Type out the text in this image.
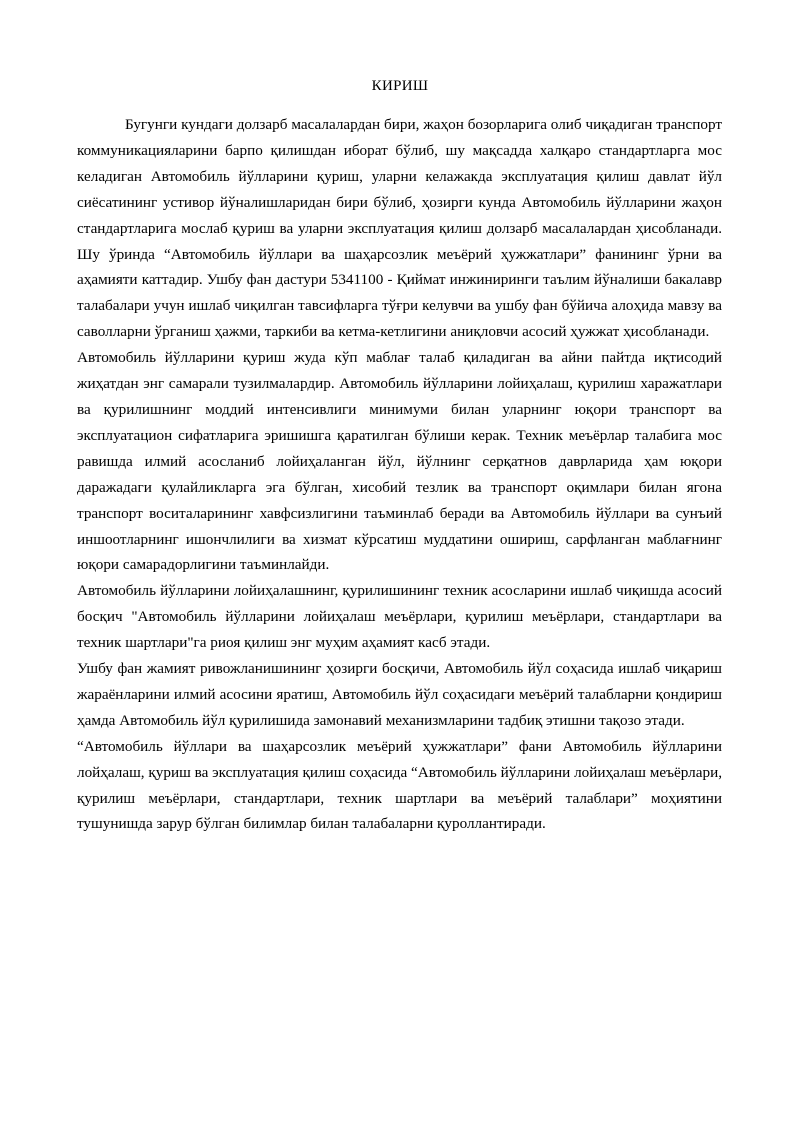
КИРИШ

Бугунги кундаги долзарб масалалардан бири, жаҳон бозорларига олиб чиқадиган транспорт коммуникацияларини барпо қилишдан иборат бўлиб, шу мақсадда халқаро стандартларга мос келадиган Автомобиль йўлларини қуриш, уларни келажакда эксплуатация қилиш давлат йўл сиёсатининг устивор йўналишларидан бири бўлиб, ҳозирги кунда Автомобиль йўлларини жаҳон стандартларига мослаб қуриш ва уларни эксплуатация қилиш долзарб масалалардан ҳисобланади. Шу ўринда “Автомобиль йўллари ва шаҳарсозлик меъёрий ҳужжатлари” фанининг ўрни ва аҳамияти каттадир. Ушбу фан дастури 5341100 - Қиймат инжиниринги таълим йўналиши бакалавр талабалари учун ишлаб чиқилган тавсифларга тўғри келувчи ва ушбу фан бўйича алоҳида мавзу ва саволларни ўрганиш ҳажми, таркиби ва кетма-кетлигини аниқловчи асосий ҳужжат ҳисобланади.

Автомобиль йўлларини қуриш жуда кўп маблағ талаб қиладиган ва айни пайтда иқтисодий жиҳатдан энг самарали тузилмалардир. Автомобиль йўлларини лойиҳалаш, қурилиш харажатлари ва қурилишнинг моддий интенсивлиги минимуми билан уларнинг юқори транспорт ва эксплуатацион сифатларига эришишга қаратилган бўлиши керак. Техник меъёрлар талабига мос равишда илмий асосланиб лойиҳаланган йўл, йўлнинг серқатнов даврларида ҳам юқори даражадаги қулайликларга эга бўлган, хисобий тезлик ва транспорт оқимлари билан ягона транспорт воситаларининг хавфсизлигини таъминлаб беради ва Автомобиль йўллари ва сунъий иншоотларнинг ишончлилиги ва хизмат кўрсатиш муддатини ошириш, сарфланган маблағнинг юқори самарадорлигини таъминлайди.

Автомобиль йўлларини лойиҳалашнинг, қурилишининг техник асосларини ишлаб чиқишда асосий босқич "Автомобиль йўлларини лойиҳалаш меъёрлари, қурилиш меъёрлари, стандартлари ва техник шартлари"га риоя қилиш энг муҳим аҳамият касб этади.

Ушбу фан жамият ривожланишининг ҳозирги босқичи, Автомобиль йўл соҳасида ишлаб чиқариш жараёнларини илмий асосини яратиш, Автомобиль йўл соҳасидаги меъёрий талабларни қондириш ҳамда Автомобиль йўл қурилишида замонавий механизмларини тадбиқ этишни тақозо этади.

“Автомобиль йўллари ва шаҳарсозлик меъёрий ҳужжатлари” фани Автомобиль йўлларини лойҳалаш, қуриш ва эксплуатация қилиш соҳасида “Автомобиль йўлларини лойиҳалаш меъёрлари, қурилиш меъёрлари, стандартлари, техник шартлари ва меъёрий талаблари” моҳиятини тушунишда зарур бўлган билимлар билан талабаларни қуроллантиради.
